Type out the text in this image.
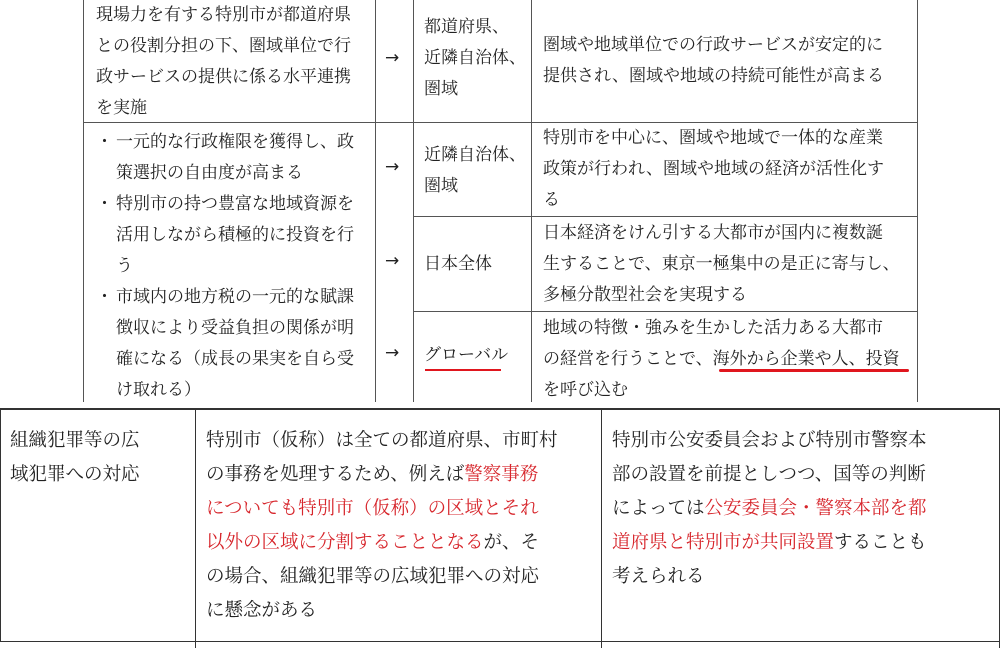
現場力を有する特別市が都道府県
との役割分担の下、圏域単位で行
政サービスの提供に係る水平連携
を実施
→
都道府県、
近隣自治体、
圏域
圏域や地域単位での行政サービスが安定的に
提供され、圏域や地域の持続可能性が高まる
・ 一元的な行政権限を獲得し、政
策選択の自由度が高まる
・ 特別市の持つ豊富な地域資源を
活用しながら積極的に投資を行
う
・ 市域内の地方税の一元的な賦課
徴収により受益負担の関係が明
確になる（成長の果実を自ら受
け取れる）
→
近隣自治体、
圏域
特別市を中心に、圏域や地域で一体的な産業
政策が行われ、圏域や地域の経済が活性化す
る
→ 日本全体
日本経済をけん引する大都市が国内に複数誕
生することで、東京一極集中の是正に寄与し、
多極分散型社会を実現する
→ グローバル
地域の特徴・強みを生かした活力ある大都市
の経営を行うことで、海外から企業や人、投資
を呼び込む
組織犯罪等の広
域犯罪への対応
特別市（仮称）は全ての都道府県、市町村
の事務を処理するため、例えば警察事務
についても特別市（仮称）の区域とそれ
以外の区域に分割することとなるが、そ
の場合、組織犯罪等の広域犯罪への対応
に懸念がある
特別市公安委員会および特別市警察本
部の設置を前提としつつ、国等の判断
によっては公安委員会・警察本部を都
道府県と特別市が共同設置することも
考えられる
